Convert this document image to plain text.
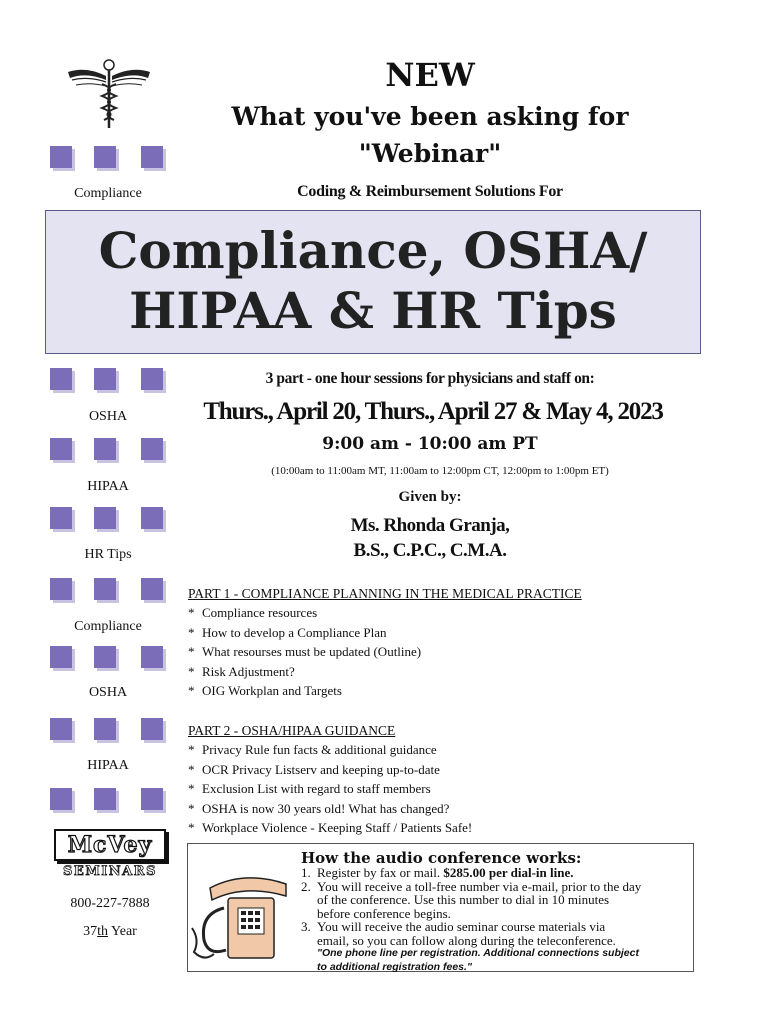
NEW
What you've been asking for
"Webinar"
Coding & Reimbursement Solutions For
Compliance
Compliance, OSHA/
HIPAA & HR Tips
OSHA
HIPAA
HR Tips
Compliance
OSHA
HIPAA
McVey
SEMINARS
800-227-7888
37th Year
3 part - one hour sessions for physicians and staff on:
Thurs., April 20, Thurs., April 27 & May 4, 2023
9:00 am - 10:00 am PT
(10:00am to 11:00am MT, 11:00am to 12:00pm CT, 12:00pm to 1:00pm ET)
Given by:
Ms. Rhonda Granja,
B.S., C.P.C., C.M.A.
PART 1 - COMPLIANCE PLANNING IN THE MEDICAL PRACTICE
* Compliance resources
* How to develop a Compliance Plan
* What resourses must be updated (Outline)
* Risk Adjustment?
* OIG Workplan and Targets
PART 2 - OSHA/HIPAA GUIDANCE
* Privacy Rule fun facts & additional guidance
* OCR Privacy Listserv and keeping up-to-date
* Exclusion List with regard to staff members
* OSHA is now 30 years old! What has changed?
* Workplace Violence - Keeping Staff / Patients Safe!
How the audio conference works:
1. Register by fax or mail. $285.00 per dial-in line.
2. You will receive a toll-free number via e-mail, prior to the day
of the conference. Use this number to dial in 10 minutes
before conference begins.
3. You will receive the audio seminar course materials via
email, so you can follow along during the teleconference.
"One phone line per registration. Additional connections subject
to additional registration fees."
